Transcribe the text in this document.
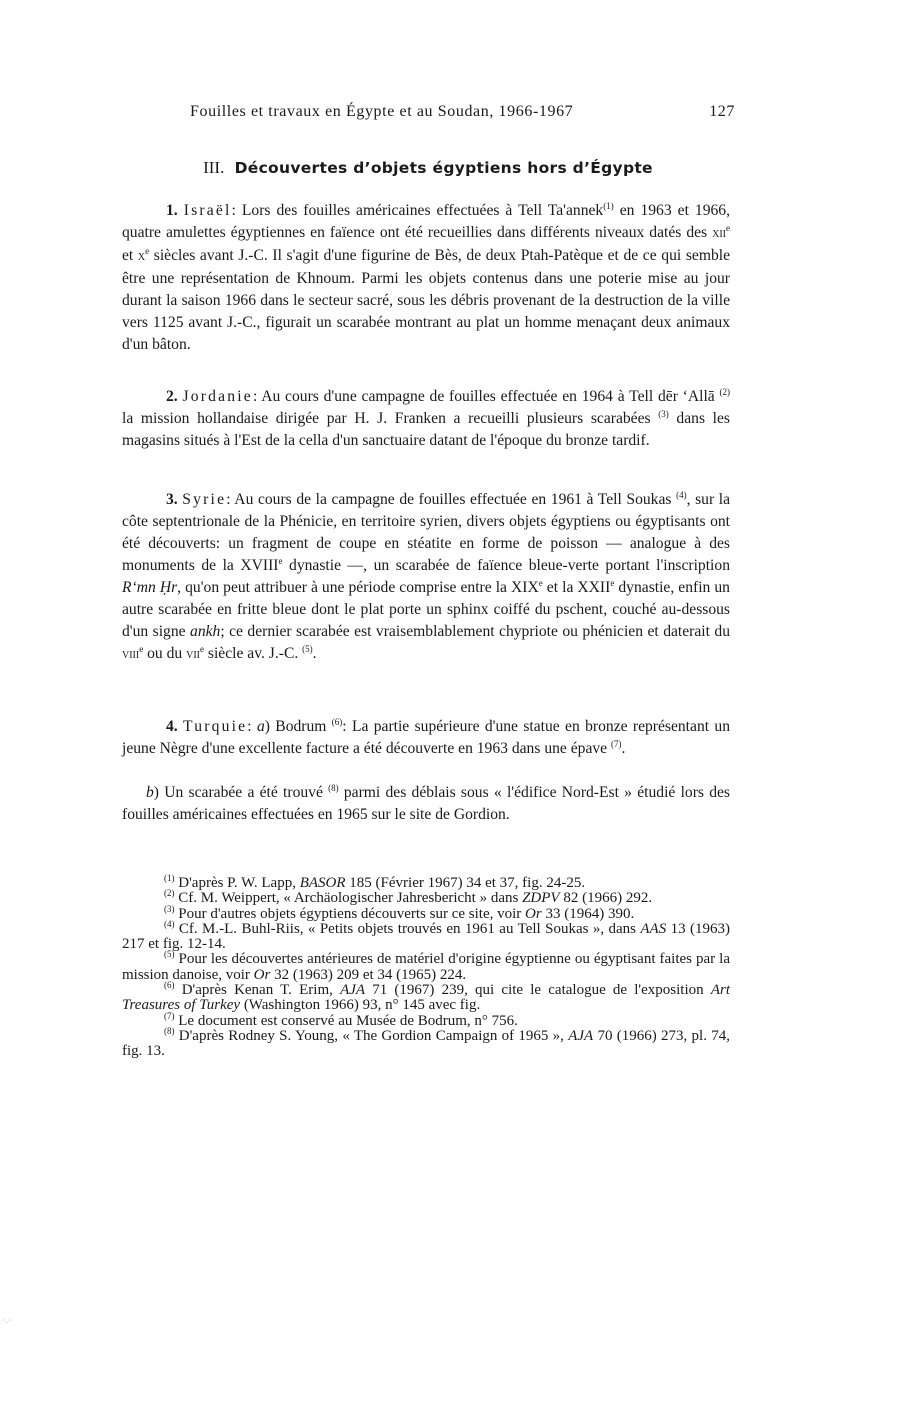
Fouilles et travaux en Égypte et au Soudan, 1966-1967	127
III. Découvertes d’objets égyptiens hors d’Égypte

1. Israël: Lors des fouilles américaines effectuées à Tell Ta'annek$^{(1)}$ en 1963 et 1966, quatre amulettes égyptiennes en faïence ont été recueillies dans différents niveaux datés des xii$^e$ et $x^e$ siècles avant J.-C. Il s'agit d'une figurine de Bès, de deux Ptah-Patèque et de ce qui semble être une représentation de Khnoum. Parmi les objets contenus dans une poterie mise au jour durant la saison 1966 dans le secteur sacré, sous les débris provenant de la destruction de la ville vers 1125 avant J.-C., figurait un scarabée montrant au plat un homme menaçant deux animaux d'un bâton.

2. Jordanie: Au cours d'une campagne de fouilles effectuée en 1964 à Tell dēr ‘Allā $^{(2)}$ la mission hollandaise dirigée par H. J. Franken a recueilli plusieurs scarabées $^{(3)}$ dans les magasins situés à l'Est de la cella d'un sanctuaire datant de l'époque du bronze tardif.

3. Syrie: Au cours de la campagne de fouilles effectuée en 1961 à Tell Soukas $^{(4)}$, sur la côte septentrionale de la Phénicie, en territoire syrien, divers objets égyptiens ou égyptisants ont été découverts: un fragment de coupe en stéatite en forme de poisson — analogue à des monuments de la XVIIIe dynastie —, un scarabée de faïence bleue-verte portant l'inscription R‘mn Ḥr, qu'on peut attribuer à une période comprise entre la XIXe et la XXIIe dynastie, enfin un autre scarabée en fritte bleue dont le plat porte un sphinx coiffé du pschent, couché au-dessous d'un signe ankh; ce dernier scarabée est vraisemblablement chypriote ou phénicien et daterait du viii$^e$ ou du vii$^e$ siècle av. J.-C. $^{(5)}$.

4. Turquie: a) Bodrum $^{(6)}$: La partie supérieure d'une statue en bronze représentant un jeune Nègre d'une excellente facture a été découverte en 1963 dans une épave $^{(7)}$.

b) Un scarabée a été trouvé $^{(8)}$ parmi des déblais sous « l'édifice Nord-Est » étudié lors des fouilles américaines effectuées en 1965 sur le site de Gordion.

$^{(1)}$ D'après P. W. Lapp, BASOR 185 (Février 1967) 34 et 37, fig. 24-25.

$^{(2)}$ Cf. M. Weippert, « Archäologischer Jahresbericht » dans ZDPV 82 (1966) 292.

$^{(3)}$ Pour d'autres objets égyptiens découverts sur ce site, voir Or 33 (1964) 390.

$^{(4)}$ Cf. M.-L. Buhl-Riis, « Petits objets trouvés en 1961 au Tell Soukas », dans AAS 13 (1963) 217 et fig. 12-14.

$^{(5)}$ Pour les découvertes antérieures de matériel d'origine égyptienne ou égyptisant faites par la mission danoise, voir Or 32 (1963) 209 et 34 (1965) 224.

$^{(6)}$ D'après Kenan T. Erim, AJA 71 (1967) 239, qui cite le catalogue de l'exposition Art Treasures of Turkey (Washington 1966) 93, n° 145 avec fig.

$^{(7)}$ Le document est conservé au Musée de Bodrum, n° 756.

$^{(8)}$ D'après Rodney S. Young, « The Gordion Campaign of 1965 », AJA 70 (1966) 273, pl. 74, fig. 13.

·.·
